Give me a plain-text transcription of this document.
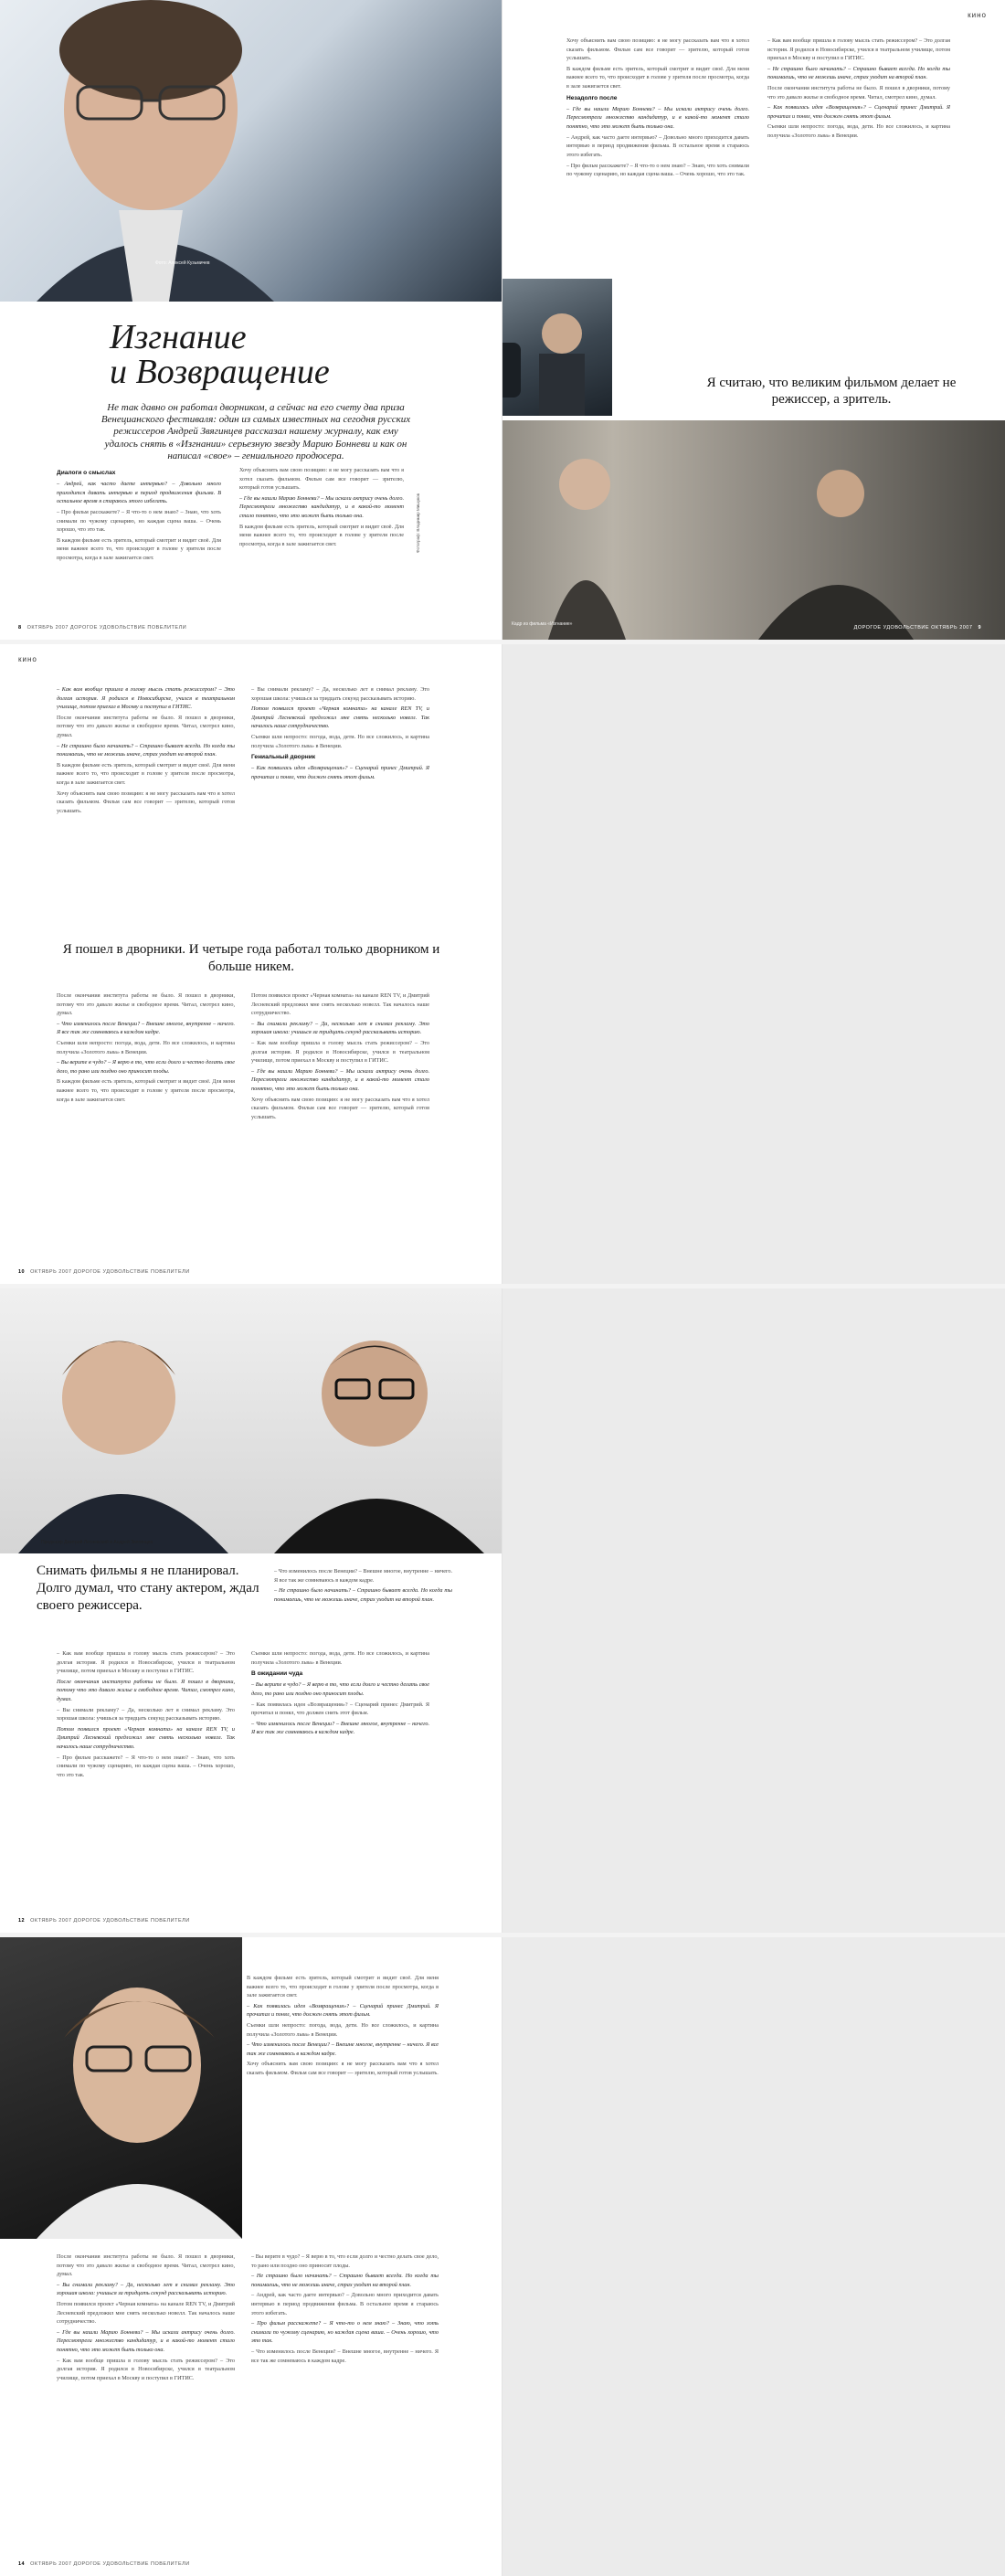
Фото: Алексей Кузьмичев
Изгнание
и Возвращение
Не так давно он работал дворником, а сейчас на его счету два приза Венецианского фестиваля: один из самых известных на сегодня русских режиссеров Андрей Звягинцев рассказал нашему журналу, как ему удалось снять в «Изгнании» серьезную звезду Марию Бонневи и как он написал «свое» – гениального продюсера.
Диалоги о смыслах

– Андрей, как часто даете интервью? – Довольно много приходится давать интервью в период продвижения фильма. В остальное время я стараюсь этого избегать.

– Про фильм расскажете? – Я что-то о нем знаю? – Знаю, что хоть снимали по чужому сценарию, но каждая сцена ваша. – Очень хорошо, что это так.

В каждом фильме есть зритель, который смотрит и видит своё. Для меня важнее всего то, что происходит в голове у зрителя после просмотра, когда в зале зажигается свет.

Хочу объяснить вам свою позицию: я не могу рассказать вам что я хотел сказать фильмом. Фильм сам все говорит — зрителю, который готов услышать.

– Где вы нашли Марию Бонневи? – Мы искали актрису очень долго. Пересмотрели множество кандидатур, и в какой-то момент стало понятно, что это может быть только она.

В каждом фильме есть зритель, который смотрит и видит своё. Для меня важнее всего то, что происходит в голове у зрителя после просмотра, когда в зале зажигается свет.	Фотограф: Владимир Мишуков
8 ОКТЯБРЬ 2007 ДОРОГОЕ УДОВОЛЬСТВИЕ ПОВЕЛИТЕЛИ
кино

Хочу объяснить вам свою позицию: я не могу рассказать вам что я хотел сказать фильмом. Фильм сам все говорит — зрителю, который готов услышать.

В каждом фильме есть зритель, который смотрит и видит своё. Для меня важнее всего то, что происходит в голове у зрителя после просмотра, когда в зале зажигается свет.

Незадолго после

– Где вы нашли Марию Бонневи? – Мы искали актрису очень долго. Пересмотрели множество кандидатур, и в какой-то момент стало понятно, что это может быть только она.

– Андрей, как часто даете интервью? – Довольно много приходится давать интервью в период продвижения фильма. В остальное время я стараюсь этого избегать.

– Про фильм расскажете? – Я что-то о нем знаю? – Знаю, что хоть снимали по чужому сценарию, но каждая сцена ваша. – Очень хорошо, что это так.

– Как вам вообще пришла в голову мысль стать режиссером? – Это долгая история. Я родился в Новосибирске, учился в театральном училище, потом приехал в Москву и поступил в ГИТИС.

– Не страшно было начинать? – Страшно бывает всегда. Но когда ты понимаешь, что не можешь иначе, страх уходит на второй план.

После окончания института работы не было. Я пошел в дворники, потому что это давало жилье и свободное время. Читал, смотрел кино, думал.

– Как появилась идея «Возвращения»? – Сценарий принес Дмитрий. Я прочитал и понял, что должен снять этот фильм.

Съемки шли непросто: погода, вода, дети. Но все сложилось, и картина получила «Золотого льва» в Венеции.

Я считаю, что великим фильмом делает не режиссер, а зритель.
Кадр из фильма «Изгнание»
ДОРОГОЕ УДОВОЛЬСТВИЕ ОКТЯБРЬ 2007 9
кино

– Как вам вообще пришла в голову мысль стать режиссером? – Это долгая история. Я родился в Новосибирске, учился в театральном училище, потом приехал в Москву и поступил в ГИТИС.

После окончания института работы не было. Я пошел в дворники, потому что это давало жилье и свободное время. Читал, смотрел кино, думал.

– Не страшно было начинать? – Страшно бывает всегда. Но когда ты понимаешь, что не можешь иначе, страх уходит на второй план.

В каждом фильме есть зритель, который смотрит и видит своё. Для меня важнее всего то, что происходит в голове у зрителя после просмотра, когда в зале зажигается свет.

Хочу объяснить вам свою позицию: я не могу рассказать вам что я хотел сказать фильмом. Фильм сам все говорит — зрителю, который готов услышать.

– Вы снимали рекламу? – Да, несколько лет я снимал рекламу. Это хорошая школа: учишься за тридцать секунд рассказывать историю.

Потом появился проект «Черная комната» на канале REN TV, и Дмитрий Лесневский предложил мне снять несколько новелл. Так началось наше сотрудничество.

Съемки шли непросто: погода, вода, дети. Но все сложилось, и картина получила «Золотого льва» в Венеции.

Гениальный дворник

– Как появилась идея «Возвращения»? – Сценарий принес Дмитрий. Я прочитал и понял, что должен снять этот фильм.

Я пошел в дворники. И четыре года работал только дворником и больше никем.

После окончания института работы не было. Я пошел в дворники, потому что это давало жилье и свободное время. Читал, смотрел кино, думал.

– Что изменилось после Венеции? – Внешне многое, внутренне – ничего. Я все так же сомневаюсь в каждом кадре.

Съемки шли непросто: погода, вода, дети. Но все сложилось, и картина получила «Золотого льва» в Венеции.

– Вы верите в чудо? – Я верю в то, что если долго и честно делать свое дело, то рано или поздно оно приносит плоды.

В каждом фильме есть зритель, который смотрит и видит своё. Для меня важнее всего то, что происходит в голове у зрителя после просмотра, когда в зале зажигается свет.

Потом появился проект «Черная комната» на канале REN TV, и Дмитрий Лесневский предложил мне снять несколько новелл. Так началось наше сотрудничество.

– Вы снимали рекламу? – Да, несколько лет я снимал рекламу. Это хорошая школа: учишься за тридцать секунд рассказывать историю.

– Как вам вообще пришла в голову мысль стать режиссером? – Это долгая история. Я родился в Новосибирске, учился в театральном училище, потом приехал в Москву и поступил в ГИТИС.

– Где вы нашли Марию Бонневи? – Мы искали актрису очень долго. Пересмотрели множество кандидатур, и в какой-то момент стало понятно, что это может быть только она.

Хочу объяснить вам свою позицию: я не могу рассказать вам что я хотел сказать фильмом. Фильм сам все говорит — зрителю, который готов услышать.

10 ОКТЯБРЬ 2007 ДОРОГОЕ УДОВОЛЬСТВИЕ ПОВЕЛИТЕЛИ
Продюсер Дмитрий Лесневский и Андрей Звягинцев
Снимать фильмы я не планировал. Долго думал, что стану актером, ждал своего режиссера.

– Что изменилось после Венеции? – Внешне многое, внутренне – ничего. Я все так же сомневаюсь в каждом кадре.

– Не страшно было начинать? – Страшно бывает всегда. Но когда ты понимаешь, что не можешь иначе, страх уходит на второй план.

– Как вам вообще пришла в голову мысль стать режиссером? – Это долгая история. Я родился в Новосибирске, учился в театральном училище, потом приехал в Москву и поступил в ГИТИС.

После окончания института работы не было. Я пошел в дворники, потому что это давало жилье и свободное время. Читал, смотрел кино, думал.

– Вы снимали рекламу? – Да, несколько лет я снимал рекламу. Это хорошая школа: учишься за тридцать секунд рассказывать историю.

Потом появился проект «Черная комната» на канале REN TV, и Дмитрий Лесневский предложил мне снять несколько новелл. Так началось наше сотрудничество.

– Про фильм расскажете? – Я что-то о нем знаю? – Знаю, что хоть снимали по чужому сценарию, но каждая сцена ваша. – Очень хорошо, что это так.

Съемки шли непросто: погода, вода, дети. Но все сложилось, и картина получила «Золотого льва» в Венеции.

В ожидании чуда

– Вы верите в чудо? – Я верю в то, что если долго и честно делать свое дело, то рано или поздно оно приносит плоды.

– Как появилась идея «Возвращения»? – Сценарий принес Дмитрий. Я прочитал и понял, что должен снять этот фильм.

– Что изменилось после Венеции? – Внешне многое, внутренне – ничего. Я все так же сомневаюсь в каждом кадре.

12 ОКТЯБРЬ 2007 ДОРОГОЕ УДОВОЛЬСТВИЕ ПОВЕЛИТЕЛИ

В каждом фильме есть зритель, который смотрит и видит своё. Для меня важнее всего то, что происходит в голове у зрителя после просмотра, когда в зале зажигается свет.

– Как появилась идея «Возвращения»? – Сценарий принес Дмитрий. Я прочитал и понял, что должен снять этот фильм.

Съемки шли непросто: погода, вода, дети. Но все сложилось, и картина получила «Золотого льва» в Венеции.

– Что изменилось после Венеции? – Внешне многое, внутренне – ничего. Я все так же сомневаюсь в каждом кадре.

Хочу объяснить вам свою позицию: я не могу рассказать вам что я хотел сказать фильмом. Фильм сам все говорит — зрителю, который готов услышать.

После окончания института работы не было. Я пошел в дворники, потому что это давало жилье и свободное время. Читал, смотрел кино, думал.

– Вы снимали рекламу? – Да, несколько лет я снимал рекламу. Это хорошая школа: учишься за тридцать секунд рассказывать историю.

Потом появился проект «Черная комната» на канале REN TV, и Дмитрий Лесневский предложил мне снять несколько новелл. Так началось наше сотрудничество.

– Где вы нашли Марию Бонневи? – Мы искали актрису очень долго. Пересмотрели множество кандидатур, и в какой-то момент стало понятно, что это может быть только она.

– Как вам вообще пришла в голову мысль стать режиссером? – Это долгая история. Я родился в Новосибирске, учился в театральном училище, потом приехал в Москву и поступил в ГИТИС.

– Вы верите в чудо? – Я верю в то, что если долго и честно делать свое дело, то рано или поздно оно приносит плоды.

– Не страшно было начинать? – Страшно бывает всегда. Но когда ты понимаешь, что не можешь иначе, страх уходит на второй план.

– Андрей, как часто даете интервью? – Довольно много приходится давать интервью в период продвижения фильма. В остальное время я стараюсь этого избегать.

– Про фильм расскажете? – Я что-то о нем знаю? – Знаю, что хоть снимали по чужому сценарию, но каждая сцена ваша. – Очень хорошо, что это так.

– Что изменилось после Венеции? – Внешне многое, внутренне – ничего. Я все так же сомневаюсь в каждом кадре.

14 ОКТЯБРЬ 2007 ДОРОГОЕ УДОВОЛЬСТВИЕ ПОВЕЛИТЕЛИ
